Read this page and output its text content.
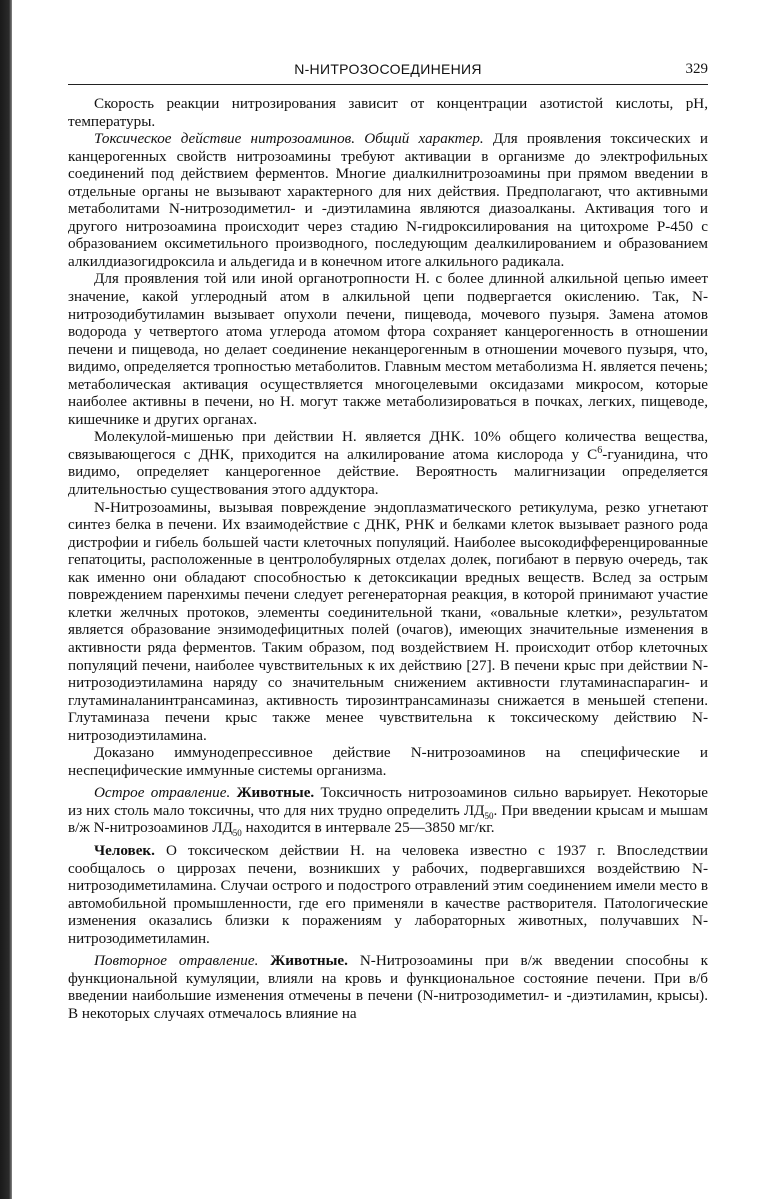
N-НИТРОЗОСОЕДИНЕНИЯ	329

Скорость реакции нитрозирования зависит от концентрации азотистой кислоты, рН, температуры.

Токсическое действие нитрозоаминов. Общий характер. Для проявления токсических и канцерогенных свойств нитрозоамины требуют активации в организме до электрофильных соединений под действием ферментов. Многие диалкилнитрозоамины при прямом введении в отдельные органы не вызывают характерного для них действия. Предполагают, что активными метаболитами N-нитрозодиметил- и -диэтиламина являются диазоалканы. Активация того и другого нитрозоамина происходит через стадию N-гидроксилирования на цитохроме P-450 с образованием оксиметильного производного, последующим деалкилированием и образованием алкилдиазогидроксила и альдегида и в конечном итоге алкильного радикала.

Для проявления той или иной органотропности Н. с более длинной алкильной цепью имеет значение, какой углеродный атом в алкильной цепи подвергается окислению. Так, N-нитрозодибутиламин вызывает опухоли печени, пищевода, мочевого пузыря. Замена атомов водорода у четвертого атома углерода атомом фтора сохраняет канцерогенность в отношении печени и пищевода, но делает соединение неканцерогенным в отношении мочевого пузыря, что, видимо, определяется тропностью метаболитов. Главным местом метаболизма Н. является печень; метаболическая активация осуществляется многоцелевыми оксидазами микросом, которые наиболее активны в печени, но Н. могут также метаболизироваться в почках, легких, пищеводе, кишечнике и других органах.

Молекулой-мишенью при действии Н. является ДНК. 10% общего количества вещества, связывающегося с ДНК, приходится на алкилирование атома кислорода у $С^6$-гуанидина, что видимо, определяет канцерогенное действие. Вероятность малигнизации определяется длительностью существования этого аддуктора.

N-Нитрозоамины, вызывая повреждение эндоплазматического ретикулума, резко угнетают синтез белка в печени. Их взаимодействие с ДНК, РНК и белками клеток вызывает разного рода дистрофии и гибель большей части клеточных популяций. Наиболее высокодифференцированные гепатоциты, расположенные в центролобулярных отделах долек, погибают в первую очередь, так как именно они обладают способностью к детоксикации вредных веществ. Вслед за острым повреждением паренхимы печени следует регенераторная реакция, в которой принимают участие клетки желчных протоков, элементы соединительной ткани, «овальные клетки», результатом является образование энзимодефицитных полей (очагов), имеющих значительные изменения в активности ряда ферментов. Таким образом, под воздействием Н. происходит отбор клеточных популяций печени, наиболее чувствительных к их действию [27]. В печени крыс при действии N-нитрозодиэтиламина наряду со значительным снижением активности глутаминаспарагин- и глутаминаланинтрансаминаз, активность тирозинтрансаминазы снижается в меньшей степени. Глутаминаза печени крыс также менее чувствительна к токсическому действию N-нитрозодиэтиламина.

Доказано иммунодепрессивное действие N-нитрозоаминов на специфические и неспецифические иммунные системы организма.

Острое отравление. Животные. Токсичность нитрозоаминов сильно варьирует. Некоторые из них столь мало токсичны, что для них трудно определить $ЛД_{50}$. При введении крысам и мышам в/ж N-нитрозоаминов $ЛД_{50}$ находится в интервале 25—3850 мг/кг.

Человек. О токсическом действии Н. на человека известно с 1937 г. Впоследствии сообщалось о циррозах печени, возникших у рабочих, подвергавшихся воздействию N-нитрозодиметиламина. Случаи острого и подострого отравлений этим соединением имели место в автомобильной промышленности, где его применяли в качестве растворителя. Патологические изменения оказались близки к поражениям у лабораторных животных, получавших N-нитрозодиметиламин.

Повторное отравление. Животные. N-Нитрозоамины при в/ж введении способны к функциональной кумуляции, влияли на кровь и функциональное состояние печени. При в/б введении наибольшие изменения отмечены в печени (N-нитрозодиметил- и -диэтиламин, крысы). В некоторых случаях отмечалось влияние на
